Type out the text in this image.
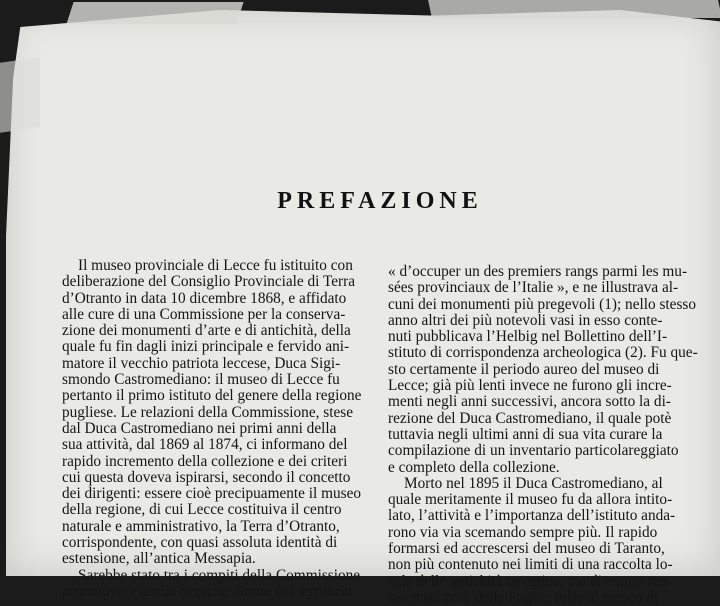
PREFAZIONE
Il museo provinciale di Lecce fu istituito con
deliberazione del Consiglio Provinciale di Terra
d’Otranto in data 10 dicembre 1868, e affidato
alle cure di una Commissione per la conserva-
zione dei monumenti d’arte e di antichità, della
quale fu fin dagli inizi principale e fervido ani-
matore il vecchio patriota leccese, Duca Sigi-
smondo Castromediano: il museo di Lecce fu
pertanto il primo istituto del genere della regione
pugliese. Le relazioni della Commissione, stese
dal Duca Castromediano nei primi anni della
sua attività, dal 1869 al 1874, ci informano del
rapido incremento della collezione e dei criteri
cui questa doveva ispirarsi, secondo il concetto
dei dirigenti: essere cioè precipuamente il museo
della regione, di cui Lecce costituiva il centro
naturale e amministrativo, la Terra d’Otranto,
corrispondente, con quasi assoluta identità di
estensione, all’antica Messapia.
Sarebbe stato tra i compiti della Commissione
promuovere anche ricerche dirette nel territorio
« d’occuper un des premiers rangs parmi les mu-
sées provinciaux de l’Italie », e ne illustrava al-
cuni dei monumenti più pregevoli (1); nello stesso
anno altri dei più notevoli vasi in esso conte-
nuti pubblicava l’Helbig nel Bollettino dell’I-
stituto di corrispondenza archeologica (2). Fu que-
sto certamente il periodo aureo del museo di
Lecce; già più lenti invece ne furono gli incre-
menti negli anni successivi, ancora sotto la di-
rezione del Duca Castromediano, il quale potè
tuttavia negli ultimi anni di sua vita curare la
compilazione di un inventario particolareggiato
e completo della collezione.
Morto nel 1895 il Duca Castromediano, al
quale meritamente il museo fu da allora intito-
lato, l’attività e l’importanza dell’istituto anda-
rono via via scemando sempre più. Il rapido
formarsi ed accrescersi del museo di Taranto,
non più contenuto nei limiti di una raccolta lo-
cale delle antichità tarentine, ma divenuto mu-
seo nazionale delle Puglie, tolse al museo di
